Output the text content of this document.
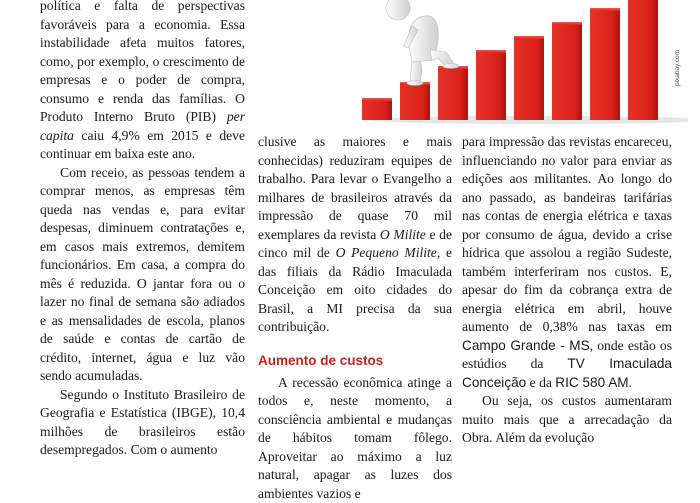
pixabay.com

política e falta de perspectivas favoráveis para a economia. Essa instabilidade afeta muitos fatores, como, por exemplo, o crescimento de empresas e o poder de compra, consumo e renda das famílias. O Produto Interno Bruto (PIB) per capita caiu 4,9% em 2015 e deve continuar em baixa este ano.

Com receio, as pessoas tendem a comprar menos, as empresas têm queda nas vendas e, para evitar despesas, diminuem contratações e, em casos mais extremos, demitem funcionários. Em casa, a compra do mês é reduzida. O jantar fora ou o lazer no final de semana são adiados e as mensalidades de escola, planos de saúde e contas de cartão de crédito, internet, água e luz vão sendo acumuladas.

Segundo o Instituto Brasileiro de Geografia e Estatística (IBGE), 10,4 milhões de brasileiros estão desempregados. Com o aumento

clusive as maiores e mais conhecidas) reduziram equipes de trabalho. Para levar o Evangelho a milhares de brasileiros através da impressão de quase 70 mil exemplares da revista O Milite e de cinco mil de O Pequeno Milite, e das filiais da Rádio Imaculada Conceição em oito cidades do Brasil, a MI precisa da sua contribuição.

Aumento de custos

A recessão econômica atinge a todos e, neste momento, a consciência ambiental e mudanças de hábitos tomam fôlego. Aproveitar ao máximo a luz natural, apagar as luzes dos ambientes vazios e

para impressão das revistas encareceu, influenciando no valor para enviar as edições aos militantes. Ao longo do ano passado, as bandeiras tarifárias nas contas de energia elétrica e taxas por consumo de água, devido a crise hídrica que assolou a região Sudeste, também interferiram nos custos. E, apesar do fim da cobrança extra de energia elétrica em abril, houve aumento de 0,38% nas taxas em Campo Grande - MS, onde estão os estúdios da TV Imaculada Conceição e da RIC 580 AM.

Ou seja, os custos aumentaram muito mais que a arrecadação da Obra. Além da evolução
